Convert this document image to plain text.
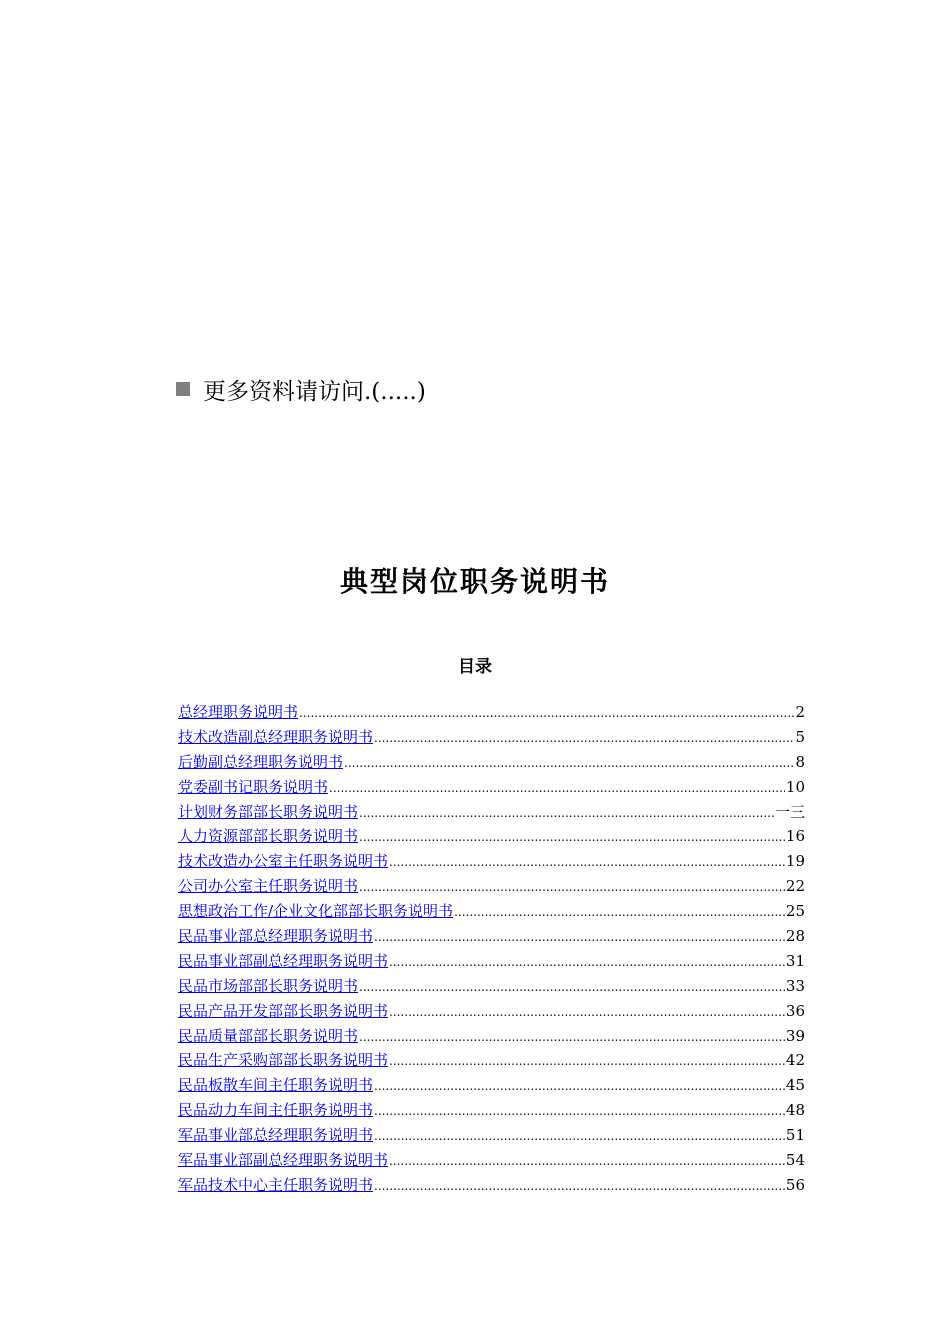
更多资料请访问.(.....)
典型岗位职务说明书
目录
总经理职务说明书 .....	2
技术改造副总经理职务说明书 .....	5
后勤副总经理职务说明书 .....	8
党委副书记职务说明书 .....	10
计划财务部部长职务说明书 .....	一三
人力资源部部长职务说明书 .....	16
技术改造办公室主任职务说明书 .....	19
公司办公室主任职务说明书 .....	22
思想政治工作/企业文化部部长职务说明书 .....	25
民品事业部总经理职务说明书 .....	28
民品事业部副总经理职务说明书 .....	31
民品市场部部长职务说明书 .....	33
民品产品开发部部长职务说明书 .....	36
民品质量部部长职务说明书 .....	39
民品生产采购部部长职务说明书 .....	42
民品板散车间主任职务说明书 .....	45
民品动力车间主任职务说明书 .....	48
军品事业部总经理职务说明书 .....	51
军品事业部副总经理职务说明书 .....	54
军品技术中心主任职务说明书 .....	56
